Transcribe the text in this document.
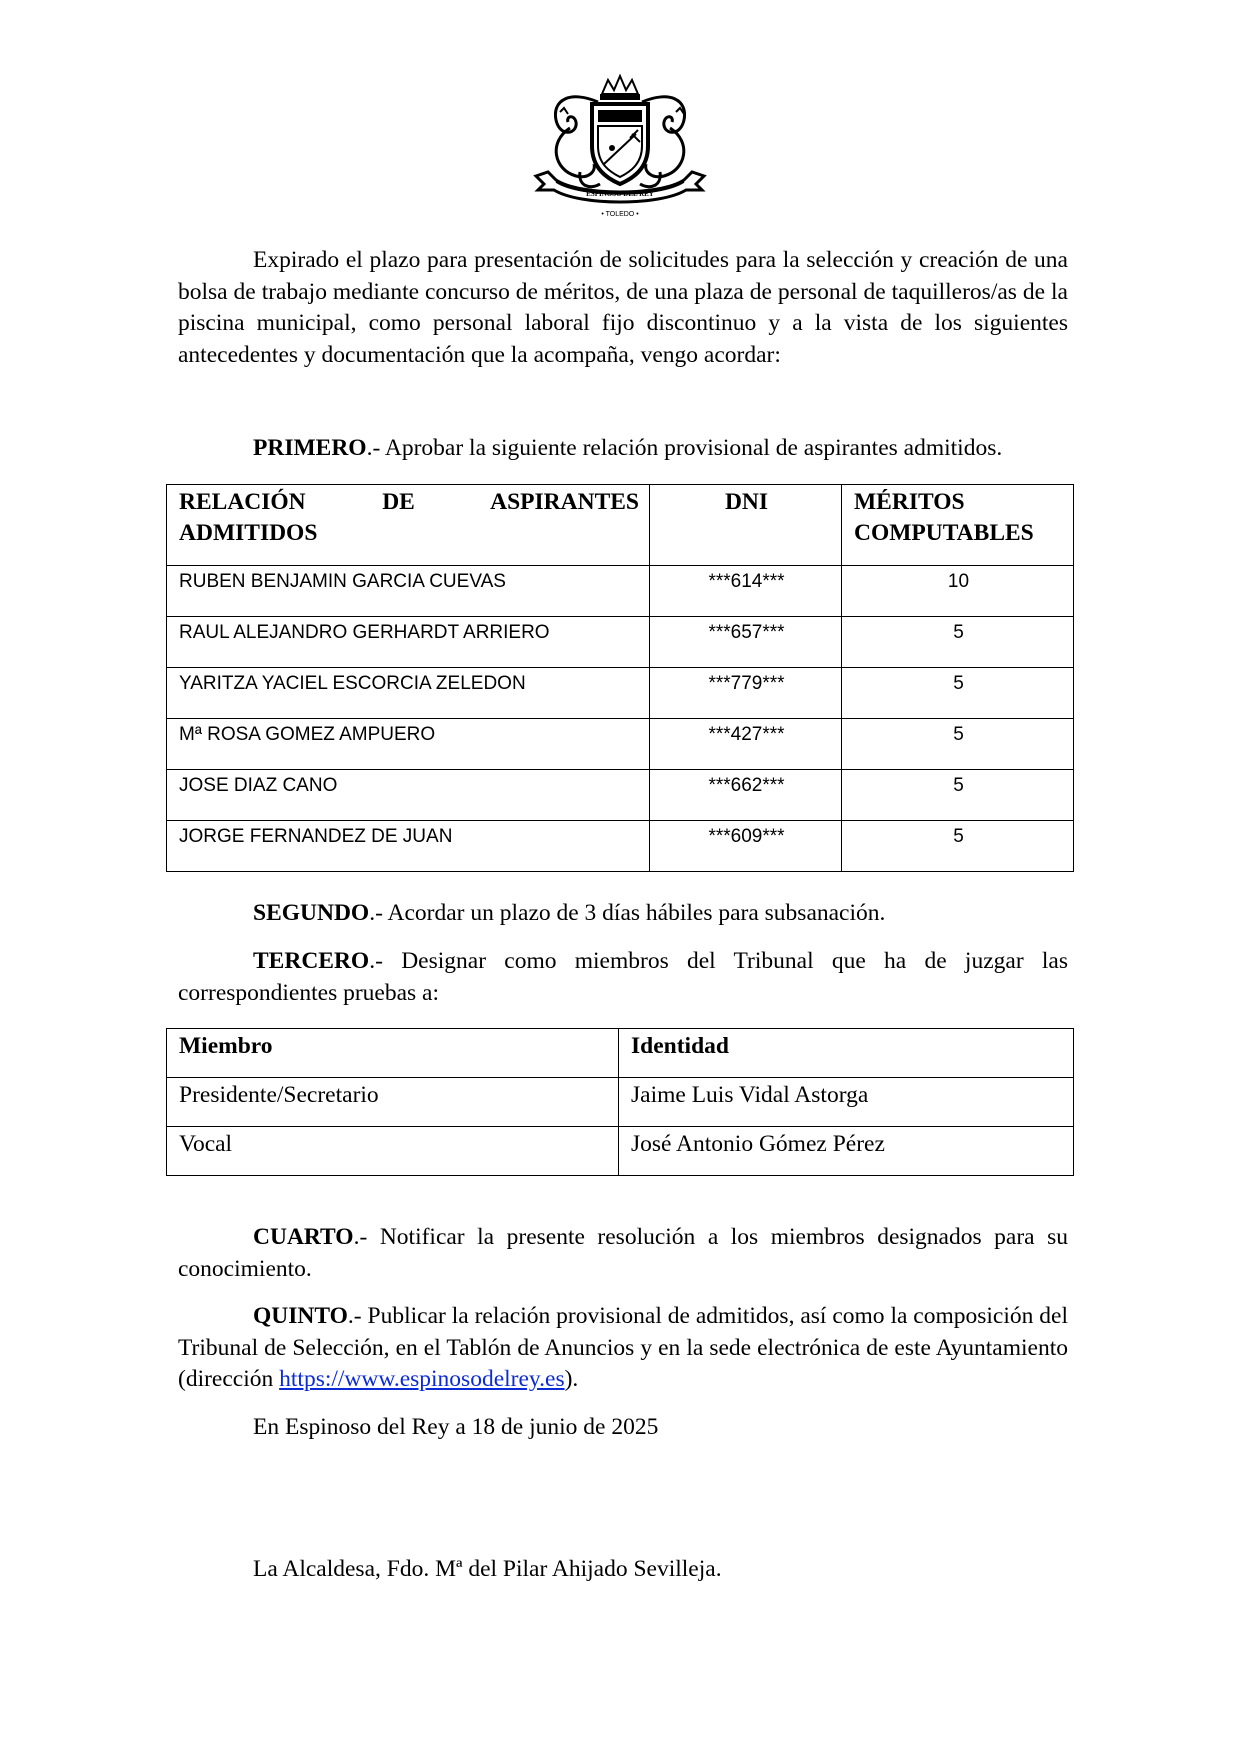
ESPINOSO DEL REY
• TOLEDO •

Expirado el plazo para presentación de solicitudes para la selección y creación de una bolsa de trabajo mediante concurso de méritos, de una plaza de personal de taquilleros/as de la piscina municipal, como personal laboral fijo discontinuo y a la vista de los siguientes antecedentes y documentación que la acompaña, vengo acordar:

PRIMERO.- Aprobar la siguiente relación provisional de aspirantes admitidos.

RELACIÓN DE ASPIRANTES ADMITIDOS	DNI	MÉRITOS COMPUTABLES
RUBEN BENJAMIN GARCIA CUEVAS	***614***	10
RAUL ALEJANDRO GERHARDT ARRIERO	***657***	5
YARITZA YACIEL ESCORCIA ZELEDON	***779***	5
Mª ROSA GOMEZ AMPUERO	***427***	5
JOSE DIAZ CANO	***662***	5
JORGE FERNANDEZ DE JUAN	***609***	5

SEGUNDO.- Acordar un plazo de 3 días hábiles para subsanación.

TERCERO.- Designar como miembros del Tribunal que ha de juzgar las correspondientes pruebas a:

Miembro	Identidad
Presidente/Secretario	Jaime Luis Vidal Astorga
Vocal	José Antonio Gómez Pérez

CUARTO.- Notificar la presente resolución a los miembros designados para su conocimiento.

QUINTO.- Publicar la relación provisional de admitidos, así como la composición del Tribunal de Selección, en el Tablón de Anuncios y en la sede electrónica de este Ayuntamiento (dirección https://www.espinosodelrey.es).

En Espinoso del Rey a 18 de junio de 2025

La Alcaldesa, Fdo. Mª del Pilar Ahijado Sevilleja.
